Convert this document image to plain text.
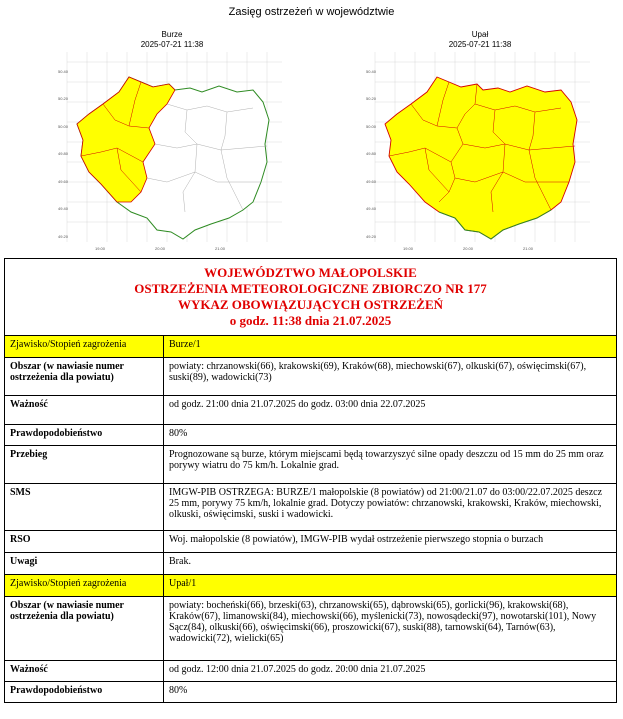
Zasięg ostrzeżeń w województwie
Burze
2025-07-21 11:38
50.40
50.20
50.00
49.80
49.60
49.40
49.20
19.00	20.00	21.00
Upał
2025-07-21 11:38
50.40
50.20
50.00
49.80
49.60
49.40
49.20
19.00	20.00	21.00
WOJEWÓDZTWO MAŁOPOLSKIE
OSTRZEŻENIA METEOROLOGICZNE ZBIORCZO NR 177
WYKAZ OBOWIĄZUJĄCYCH OSTRZEŻEŃ
o godz. 11:38 dnia 21.07.2025	

Zjawisko/Stopień zagrożenia	Burze/1
Obszar (w nawiasie numer ostrzeżenia dla powiatu)	powiaty: chrzanowski(66), krakowski(69), Kraków(68), miechowski(67), olkuski(67), oświęcimski(67), suski(89), wadowicki(73)
Ważność	od godz. 21:00 dnia 21.07.2025 do godz. 03:00 dnia 22.07.2025
Prawdopodobieństwo	80%
Przebieg	Prognozowane są burze, którym miejscami będą towarzyszyć silne opady deszczu od 15 mm do 25 mm oraz porywy wiatru do 75 km/h. Lokalnie grad.
SMS	IMGW-PIB OSTRZEGA: BURZE/1 małopolskie (8 powiatów) od 21:00/21.07 do 03:00/22.07.2025 deszcz 25 mm, porywy 75 km/h, lokalnie grad. Dotyczy powiatów: chrzanowski, krakowski, Kraków, miechowski, olkuski, oświęcimski, suski i wadowicki.
RSO	Woj. małopolskie (8 powiatów), IMGW-PIB wydał ostrzeżenie pierwszego stopnia o burzach
Uwagi	Brak.
Zjawisko/Stopień zagrożenia	Upał/1
Obszar (w nawiasie numer ostrzeżenia dla powiatu)	powiaty: bocheński(66), brzeski(63), chrzanowski(65), dąbrowski(65), gorlicki(96), krakowski(68), Kraków(67), limanowski(84), miechowski(66), myślenicki(73), nowosądecki(97), nowotarski(101), Nowy Sącz(84), olkuski(66), oświęcimski(66), proszowicki(67), suski(88), tarnowski(64), Tarnów(63), wadowicki(72), wielicki(65)
Ważność	od godz. 12:00 dnia 21.07.2025 do godz. 20:00 dnia 21.07.2025
Prawdopodobieństwo	80%
